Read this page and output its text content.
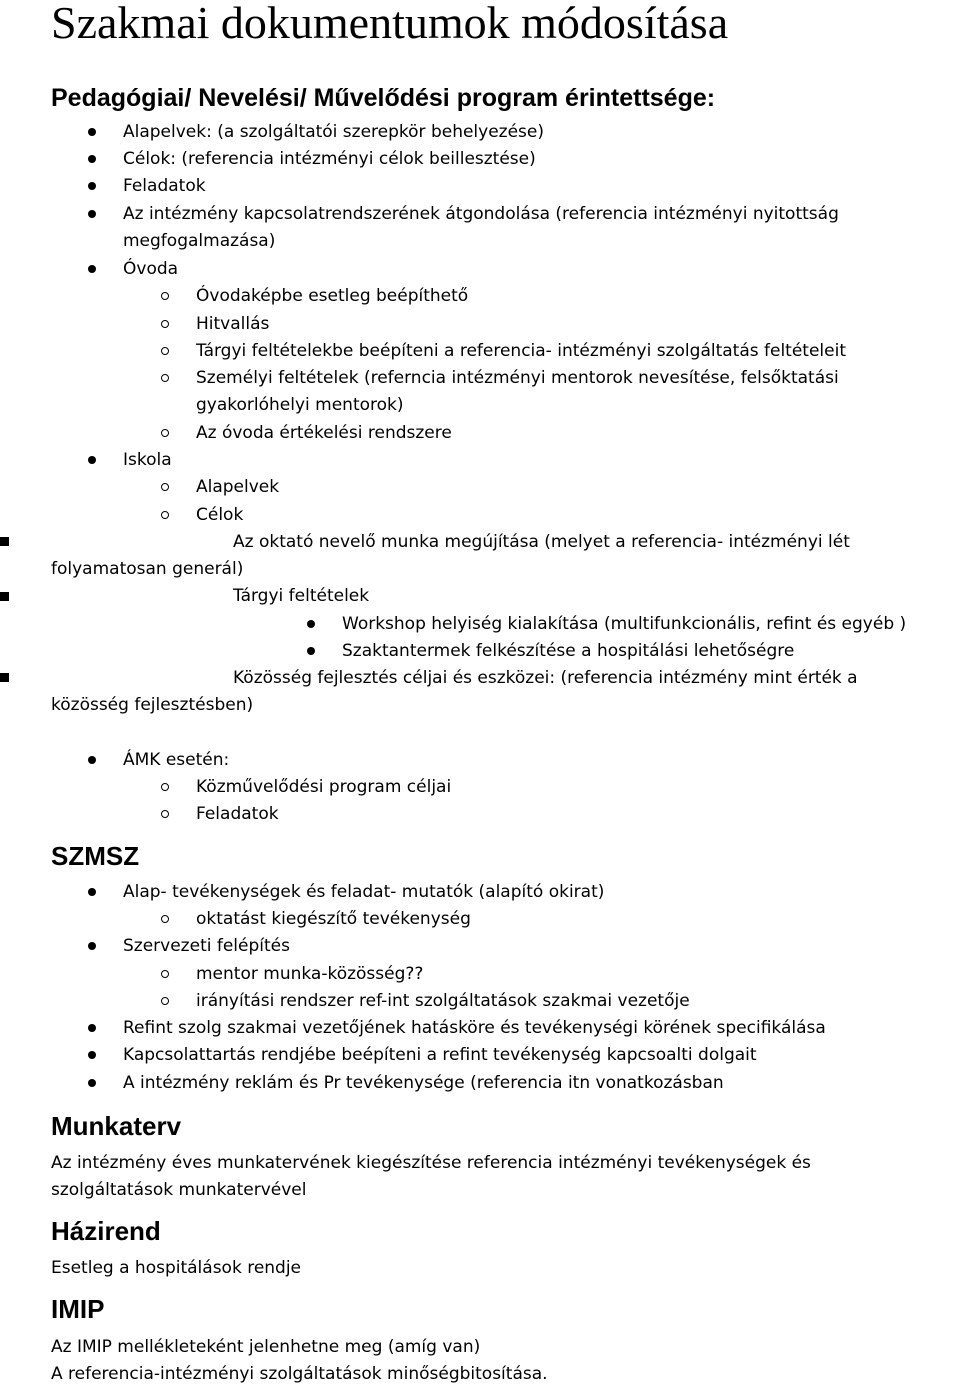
Szakmai dokumentumok módosítása
Pedagógiai/ Nevelési/ Művelődési program érintettsége:
Alapelvek: (a szolgáltatói szerepkör behelyezése)
Célok: (referencia intézményi célok beillesztése)
Feladatok
Az intézmény kapcsolatrendszerének átgondolása (referencia intézményi nyitottság
megfogalmazása)
Óvoda
Óvodaképbe esetleg beépíthető
Hitvallás
Tárgyi feltételekbe beépíteni a referencia- intézményi szolgáltatás feltételeit
Személyi feltételek (referncia intézményi mentorok nevesítése, felsőktatási
gyakorlóhelyi mentorok)
Az óvoda értékelési rendszere
Iskola
Alapelvek
Célok
Az oktató nevelő munka megújítása (melyet a referencia- intézményi lét
folyamatosan generál)
Tárgyi feltételek
Workshop helyiség kialakítása (multifunkcionális, refint és egyéb )
Szaktantermek felkészítése a hospitálási lehetőségre
Közösség fejlesztés céljai és eszközei: (referencia intézmény mint érték a
közösség fejlesztésben)
ÁMK esetén:
Közművelődési program céljai
Feladatok
SZMSZ
Alap- tevékenységek és feladat- mutatók (alapító okirat)
oktatást kiegészítő tevékenység
Szervezeti felépítés
mentor munka-közösség??
irányítási rendszer ref-int szolgáltatások szakmai vezetője
Refint szolg szakmai vezetőjének hatásköre és tevékenységi körének specifikálása
Kapcsolattartás rendjébe beépíteni a refint tevékenység kapcsoalti dolgait
A intézmény reklám és Pr tevékenysége (referencia itn vonatkozásban
Munkaterv
Az intézmény éves munkatervének kiegészítése referencia intézményi tevékenységek és
szolgáltatások munkatervével
Házirend
Esetleg a hospitálások rendje
IMIP
Az IMIP mellékleteként jelenhetne meg (amíg van)
A referencia-intézményi szolgáltatások minőségbitosítása.
